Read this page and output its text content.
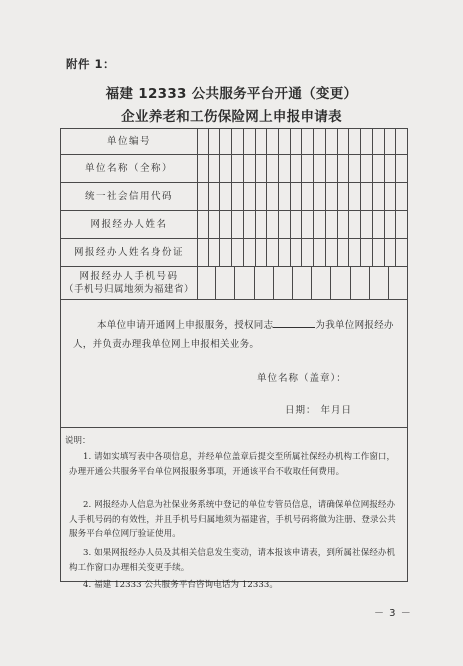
附件 1：
福建 12333 公共服务平台开通（变更）
企业养老和工伤保险网上申报申请表
单位编号
单位名称（全称）
统一社会信用代码
网报经办人姓名
网报经办人姓名身份证
网报经办人手机号码
（手机号归属地须为福建省）

本单位申请开通网上申报服务，授权同志	为我单位网报经办人，并负责办理我单位网上申报相关业务。

单位名称（盖章）：
日期： 年月日
说明：
1. 请如实填写表中各项信息，并经单位盖章后提交至所属社保经办机构工作窗口，办理开通公共服务平台单位网报服务事项，开通该平台不收取任何费用。
2. 网报经办人信息为社保业务系统中登记的单位专管员信息，请确保单位网报经办人手机号码的有效性，并且手机号归属地须为福建省，手机号码将做为注册、登录公共服务平台单位网厅验证使用。
3. 如果网报经办人员及其相关信息发生变动，请本报该申请表，到所属社保经办机构工作窗口办理相关变更手续。
4. 福建 12333 公共服务平台咨询电话为 12333。
－ 3 －
